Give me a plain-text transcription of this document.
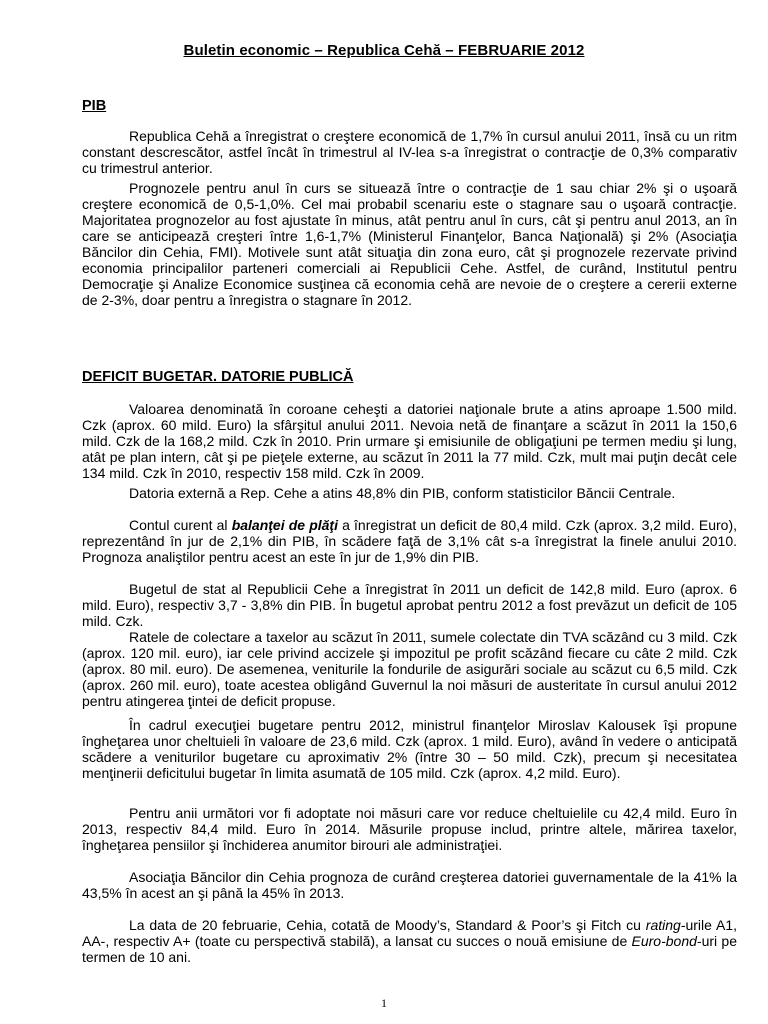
Buletin economic – Republica Cehă – FEBRUARIE 2012
PIB

Republica Cehă a înregistrat o creştere economică de 1,7% în cursul anului 2011, însă cu un ritm constant descrescător, astfel încât în trimestrul al IV-lea s-a înregistrat o contracţie de 0,3% comparativ cu trimestrul anterior.

Prognozele pentru anul în curs se situează între o contracţie de 1 sau chiar 2% şi o uşoară creştere economică de 0,5-1,0%. Cel mai probabil scenariu este o stagnare sau o uşoară contracţie. Majoritatea prognozelor au fost ajustate în minus, atât pentru anul în curs, cât şi pentru anul 2013, an în care se anticipează creşteri între 1,6-1,7% (Ministerul Finanţelor, Banca Naţională) şi 2% (Asociaţia Băncilor din Cehia, FMI). Motivele sunt atât situaţia din zona euro, cât şi prognozele rezervate privind economia principalilor parteneri comerciali ai Republicii Cehe. Astfel, de curând, Institutul pentru Democraţie şi Analize Economice susţinea că economia cehă are nevoie de o creştere a cererii externe de 2-3%, doar pentru a înregistra o stagnare în 2012.

DEFICIT BUGETAR. DATORIE PUBLICĂ

Valoarea denominată în coroane ceheşti a datoriei naţionale brute a atins aproape 1.500 mild. Czk (aprox. 60 mild. Euro) la sfârşitul anului 2011. Nevoia netă de finanţare a scăzut în 2011 la 150,6 mild. Czk de la 168,2 mild. Czk în 2010. Prin urmare şi emisiunile de obligaţiuni pe termen mediu şi lung, atât pe plan intern, cât şi pe pieţele externe, au scăzut în 2011 la 77 mild. Czk, mult mai puţin decât cele 134 mild. Czk în 2010, respectiv 158 mild. Czk în 2009.

Datoria externă a Rep. Cehe a atins 48,8% din PIB, conform statisticilor Băncii Centrale.

Contul curent al balanţei de plăţi a înregistrat un deficit de 80,4 mild. Czk (aprox. 3,2 mild. Euro), reprezentând în jur de 2,1% din PIB, în scădere faţă de 3,1% cât s-a înregistrat la finele anului 2010. Prognoza analiştilor pentru acest an este în jur de 1,9% din PIB.

Bugetul de stat al Republicii Cehe a înregistrat în 2011 un deficit de 142,8 mild. Euro (aprox. 6 mild. Euro), respectiv 3,7 - 3,8% din PIB. În bugetul aprobat pentru 2012 a fost prevăzut un deficit de 105 mild. Czk.

Ratele de colectare a taxelor au scăzut în 2011, sumele colectate din TVA scăzând cu 3 mild. Czk (aprox. 120 mil. euro), iar cele privind accizele şi impozitul pe profit scăzând fiecare cu câte 2 mild. Czk (aprox. 80 mil. euro). De asemenea, veniturile la fondurile de asigurări sociale au scăzut cu 6,5 mild. Czk (aprox. 260 mil. euro), toate acestea obligând Guvernul la noi măsuri de austeritate în cursul anului 2012 pentru atingerea ţintei de deficit propuse.

În cadrul execuţiei bugetare pentru 2012, ministrul finanţelor Miroslav Kalousek îşi propune îngheţarea unor cheltuieli în valoare de 23,6 mild. Czk (aprox. 1 mild. Euro), având în vedere o anticipată scădere a veniturilor bugetare cu aproximativ 2% (între 30 – 50 mild. Czk), precum şi necesitatea menţinerii deficitului bugetar în limita asumată de 105 mild. Czk (aprox. 4,2 mild. Euro).

Pentru anii următori vor fi adoptate noi măsuri care vor reduce cheltuielile cu 42,4 mild. Euro în 2013, respectiv 84,4 mild. Euro în 2014. Măsurile propuse includ, printre altele, mărirea taxelor, îngheţarea pensiilor şi închiderea anumitor birouri ale administraţiei.

Asociaţia Băncilor din Cehia prognoza de curând creşterea datoriei guvernamentale de la 41% la 43,5% în acest an şi până la 45% în 2013.

La data de 20 februarie, Cehia, cotată de Moody’s, Standard & Poor’s şi Fitch cu rating-urile A1, AA-, respectiv A+ (toate cu perspectivă stabilă), a lansat cu succes o nouă emisiune de Euro-bond-uri pe termen de 10 ani.

1
